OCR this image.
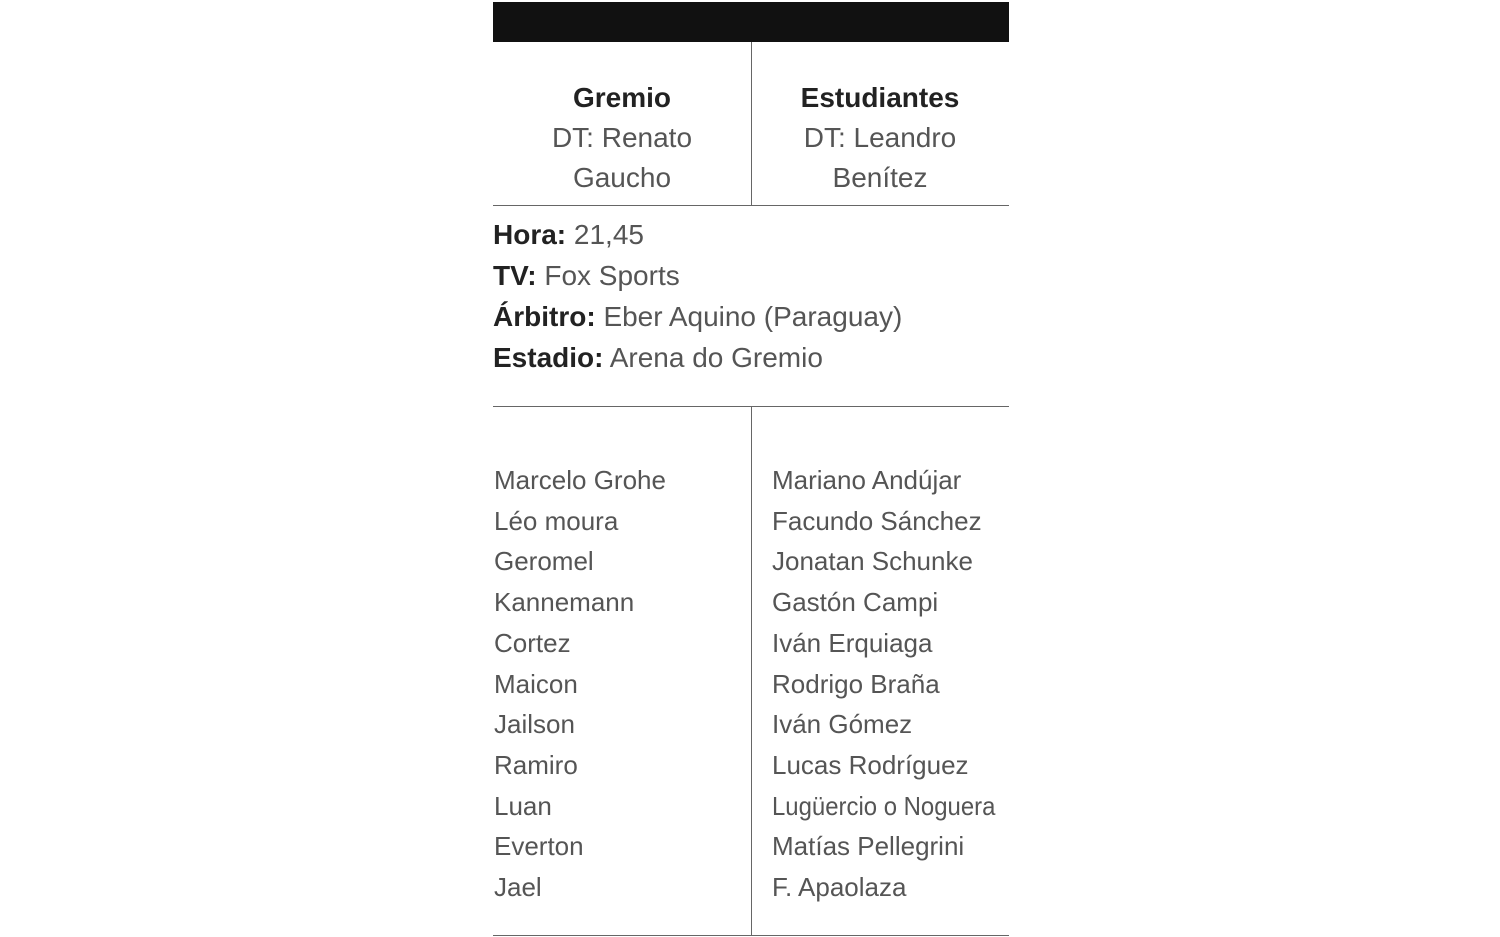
Gremio
DT: Renato Gaucho
Estudiantes
DT: Leandro Benítez
Hora: 21,45
TV: Fox Sports
Árbitro: Eber Aquino (Paraguay)
Estadio: Arena do Gremio
Marcelo Grohe
Léo moura
Geromel
Kannemann
Cortez
Maicon
Jailson
Ramiro
Luan
Everton
Jael
Mariano Andújar
Facundo Sánchez
Jonatan Schunke
Gastón Campi
Iván Erquiaga
Rodrigo Braña
Iván Gómez
Lucas Rodríguez
Lugüercio o Noguera
Matías Pellegrini
F. Apaolaza
